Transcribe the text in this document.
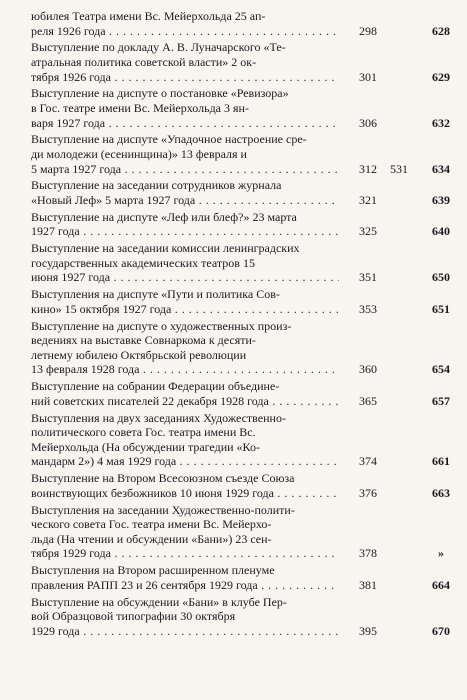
юбилея Театра имени Вс. Мейерхольда 25 ап-
реля 1926 года . . .	298	628
Выступление по докладу А. В. Луначарского «Те-
атральная политика советской власти» 2 ок-
тября 1926 года . . .	301	629
Выступление на диспуте о постановке «Ревизора»
в Гос. театре имени Вс. Мейерхольда 3 ян-
варя 1927 года . . .	306	632
Выступление на диспуте «Упадочное настроение сре-
ди молодежи (есенинщина)» 13 февраля и
5 марта 1927 года . . .	312	531	634
Выступление на заседании сотрудников журнала
«Новый Леф» 5 марта 1927 года . . .	321	639
Выступление на диспуте «Леф или блеф?» 23 марта
1927 года . . .	325	640
Выступление на заседании комиссии ленинградских
государственных академических театров 15
июня 1927 года . . .	351	650
Выступления на диспуте «Пути и политика Сов-
кино» 15 октября 1927 года . . .	353	651
Выступление на диспуте о художественных произ-
ведениях на выставке Совнаркома к десяти-
летнему юбилею Октябрьской революции
13 февраля 1928 года . . .	360	654
Выступление на собрании Федерации объедине-
ний советских писателей 22 декабря 1928 года . . .	365	657
Выступления на двух заседаниях Художественно-
политического совета Гос. театра имени Вс.
Мейерхольда (На обсуждении трагедии «Ко-
мандарм 2») 4 мая 1929 года . . .	374	661
Выступление на Втором Всесоюзном съезде Союза
воинствующих безбожников 10 июня 1929 года . . .	376	663
Выступления на заседании Художественно-полити-
ческого совета Гос. театра имени Вс. Мейерхо-
льда (На чтении и обсуждении «Бани») 23 сен-
тября 1929 года . . .	378	»
Выступления на Втором расширенном пленуме
правления РАПП 23 и 26 сентября 1929 года . . .	381	664
Выступление на обсуждении «Бани» в клубе Пер-
вой Образцовой типографии 30 октября
1929 года . . .	395	670
